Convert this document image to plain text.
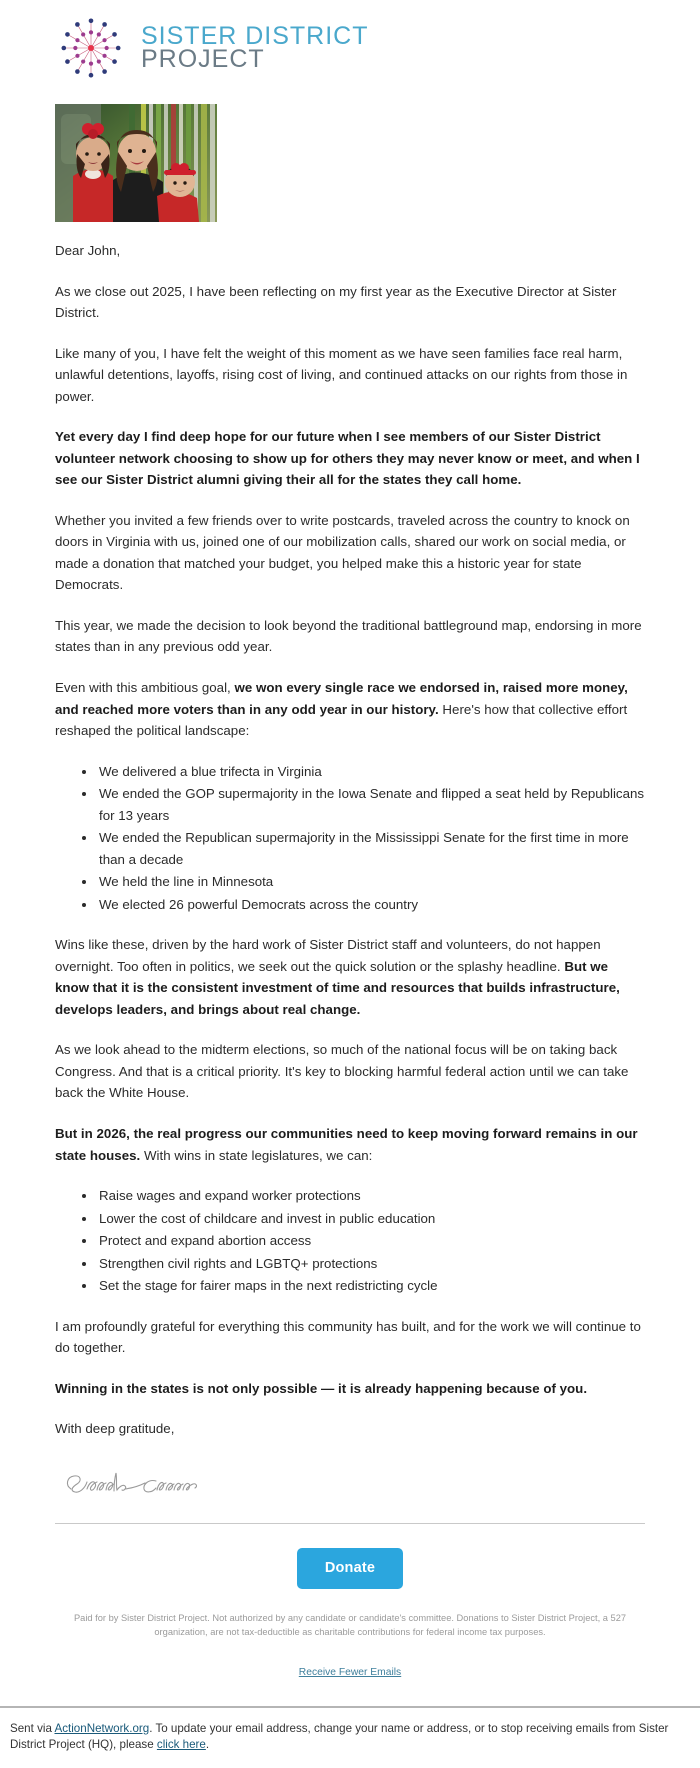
SISTER DISTRICT
PROJECT

Dear John,

As we close out 2025, I have been reflecting on my first year as the Executive Director at Sister District.

Like many of you, I have felt the weight of this moment as we have seen families face real harm, unlawful detentions, layoffs, rising cost of living, and continued attacks on our rights from those in power.

Yet every day I find deep hope for our future when I see members of our Sister District volunteer network choosing to show up for others they may never know or meet, and when I see our Sister District alumni giving their all for the states they call home.

Whether you invited a few friends over to write postcards, traveled across the country to knock on doors in Virginia with us, joined one of our mobilization calls, shared our work on social media, or made a donation that matched your budget, you helped make this a historic year for state Democrats.

This year, we made the decision to look beyond the traditional battleground map, endorsing in more states than in any previous odd year.

Even with this ambitious goal, we won every single race we endorsed in, raised more money, and reached more voters than in any odd year in our history. Here's how that collective effort reshaped the political landscape:

• We delivered a blue trifecta in Virginia
• We ended the GOP supermajority in the Iowa Senate and flipped a seat held by Republicans for 13 years
• We ended the Republican supermajority in the Mississippi Senate for the first time in more than a decade
• We held the line in Minnesota
• We elected 26 powerful Democrats across the country

Wins like these, driven by the hard work of Sister District staff and volunteers, do not happen overnight. Too often in politics, we seek out the quick solution or the splashy headline. But we know that it is the consistent investment of time and resources that builds infrastructure, develops leaders, and brings about real change.

As we look ahead to the midterm elections, so much of the national focus will be on taking back Congress. And that is a critical priority. It's key to blocking harmful federal action until we can take back the White House.

But in 2026, the real progress our communities need to keep moving forward remains in our state houses. With wins in state legislatures, we can:

• Raise wages and expand worker protections
• Lower the cost of childcare and invest in public education
• Protect and expand abortion access
• Strengthen civil rights and LGBTQ+ protections
• Set the stage for fairer maps in the next redistricting cycle

I am profoundly grateful for everything this community has built, and for the work we will continue to do together.

Winning in the states is not only possible — it is already happening because of you.

With deep gratitude,

Donate
Paid for by Sister District Project. Not authorized by any candidate or candidate's committee. Donations to Sister District Project, a 527 organization, are not tax-deductible as charitable contributions for federal income tax purposes.
Receive Fewer Emails
Sent via ActionNetwork.org. To update your email address, change your name or address, or to stop receiving emails from Sister District Project (HQ), please click here.
